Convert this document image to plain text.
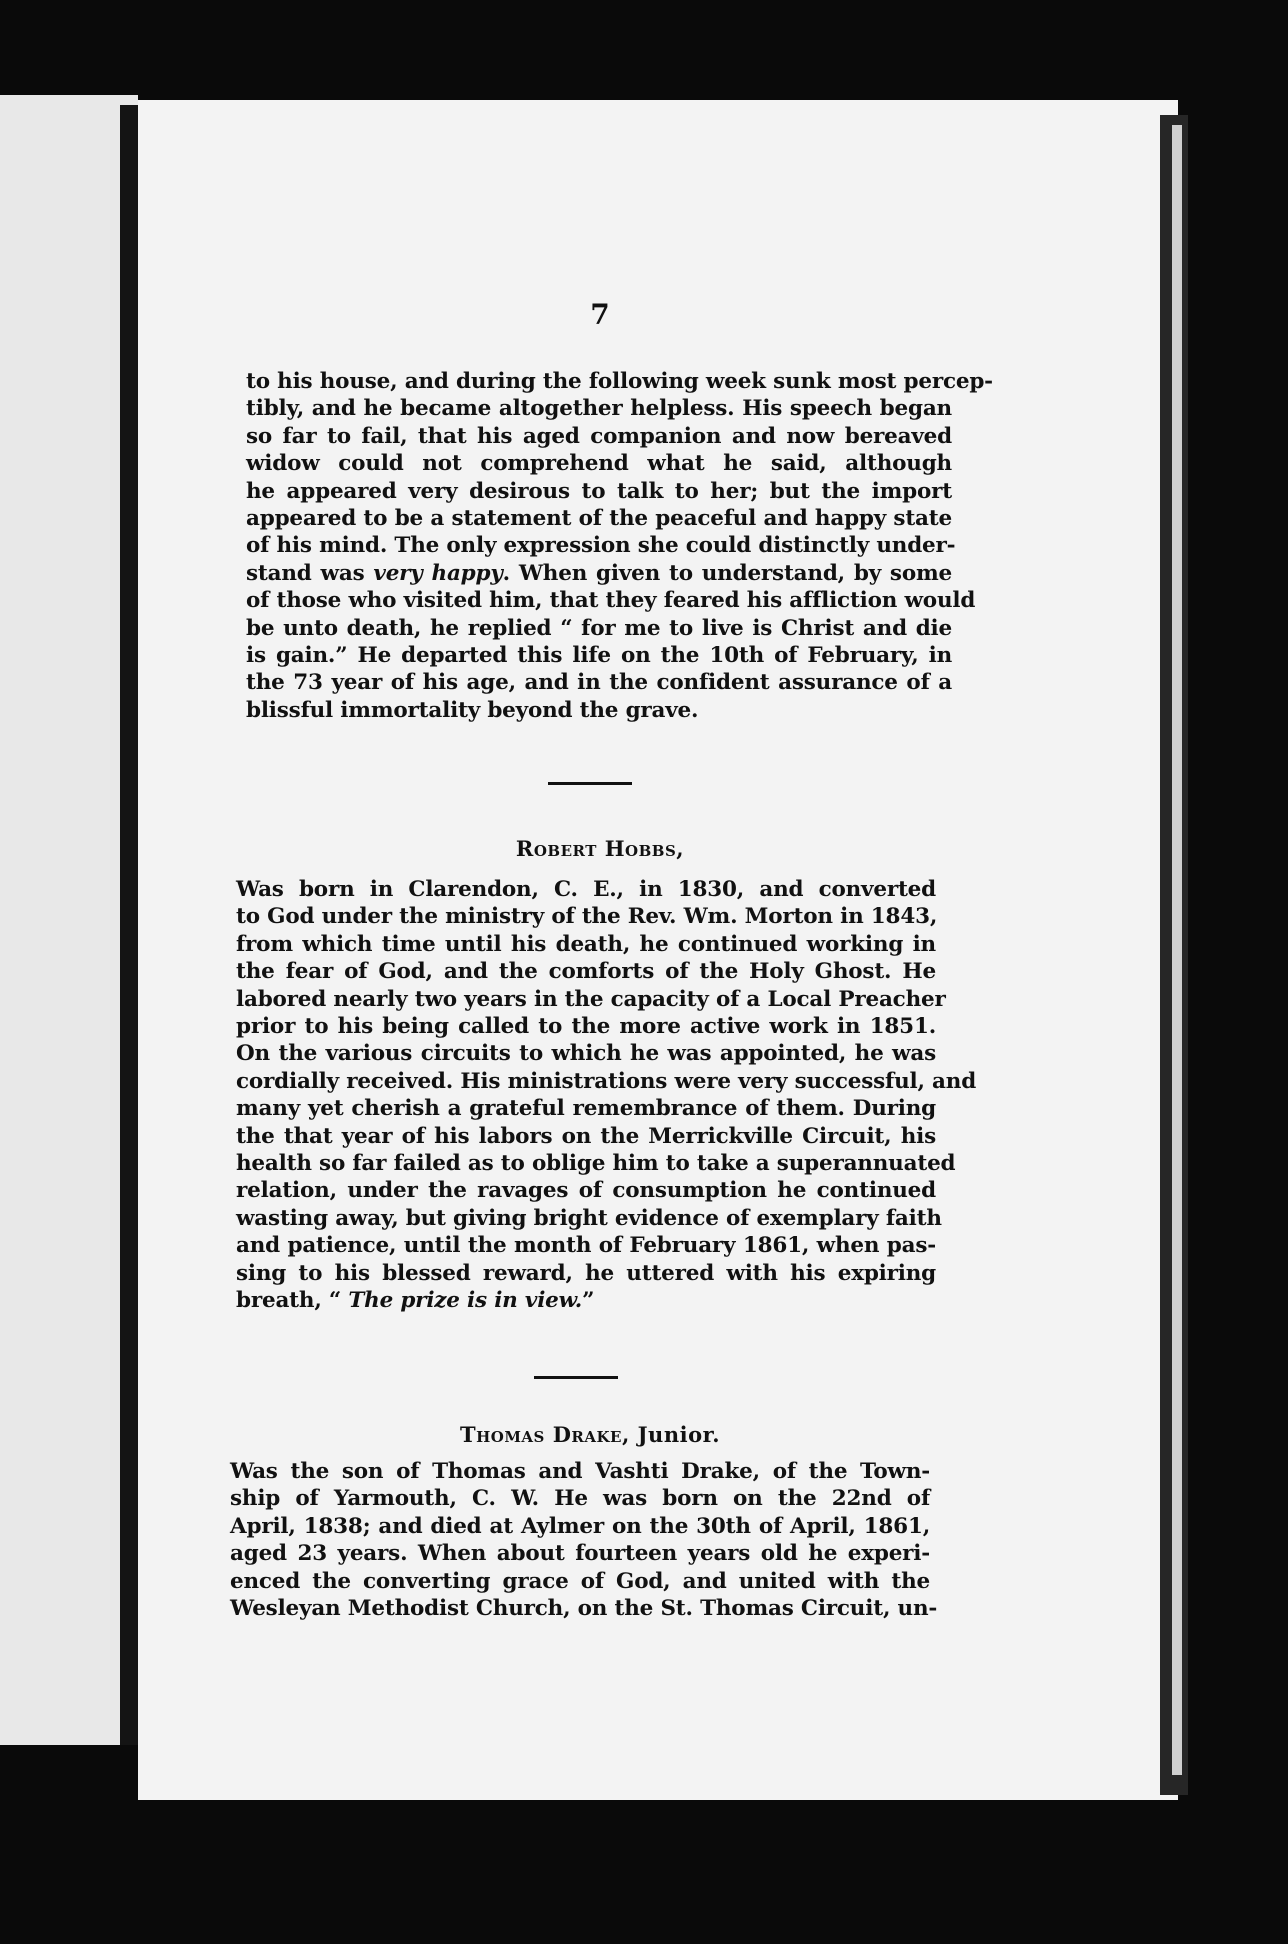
7
to his house, and during the following week sunk most percep-
tibly, and he became altogether helpless. His speech began
so far to fail, that his aged companion and now bereaved
widow could not comprehend what he said, although
he appeared very desirous to talk to her; but the import
appeared to be a statement of the peaceful and happy state
of his mind. The only expression she could distinctly under-
stand was very happy. When given to understand, by some
of those who visited him, that they feared his affliction would
be unto death, he replied “ for me to live is Christ and die
is gain.” He departed this life on the 10th of February, in
the 73 year of his age, and in the confident assurance of a
blissful immortality beyond the grave.
Robert Hobbs,
Was born in Clarendon, C. E., in 1830, and converted
to God under the ministry of the Rev. Wm. Morton in 1843,
from which time until his death, he continued working in
the fear of God, and the comforts of the Holy Ghost. He
labored nearly two years in the capacity of a Local Preacher
prior to his being called to the more active work in 1851.
On the various circuits to which he was appointed, he was
cordially received. His ministrations were very successful, and
many yet cherish a grateful remembrance of them. During
the that year of his labors on the Merrickville Circuit, his
health so far failed as to oblige him to take a superannuated
relation, under the ravages of consumption he continued
wasting away, but giving bright evidence of exemplary faith
and patience, until the month of February 1861, when pas-
sing to his blessed reward, he uttered with his expiring
breath, “ The prize is in view.”
Thomas Drake, Junior.
Was the son of Thomas and Vashti Drake, of the Town-
ship of Yarmouth, C. W. He was born on the 22nd of
April, 1838; and died at Aylmer on the 30th of April, 1861,
aged 23 years. When about fourteen years old he experi-
enced the converting grace of God, and united with the
Wesleyan Methodist Church, on the St. Thomas Circuit, un-
